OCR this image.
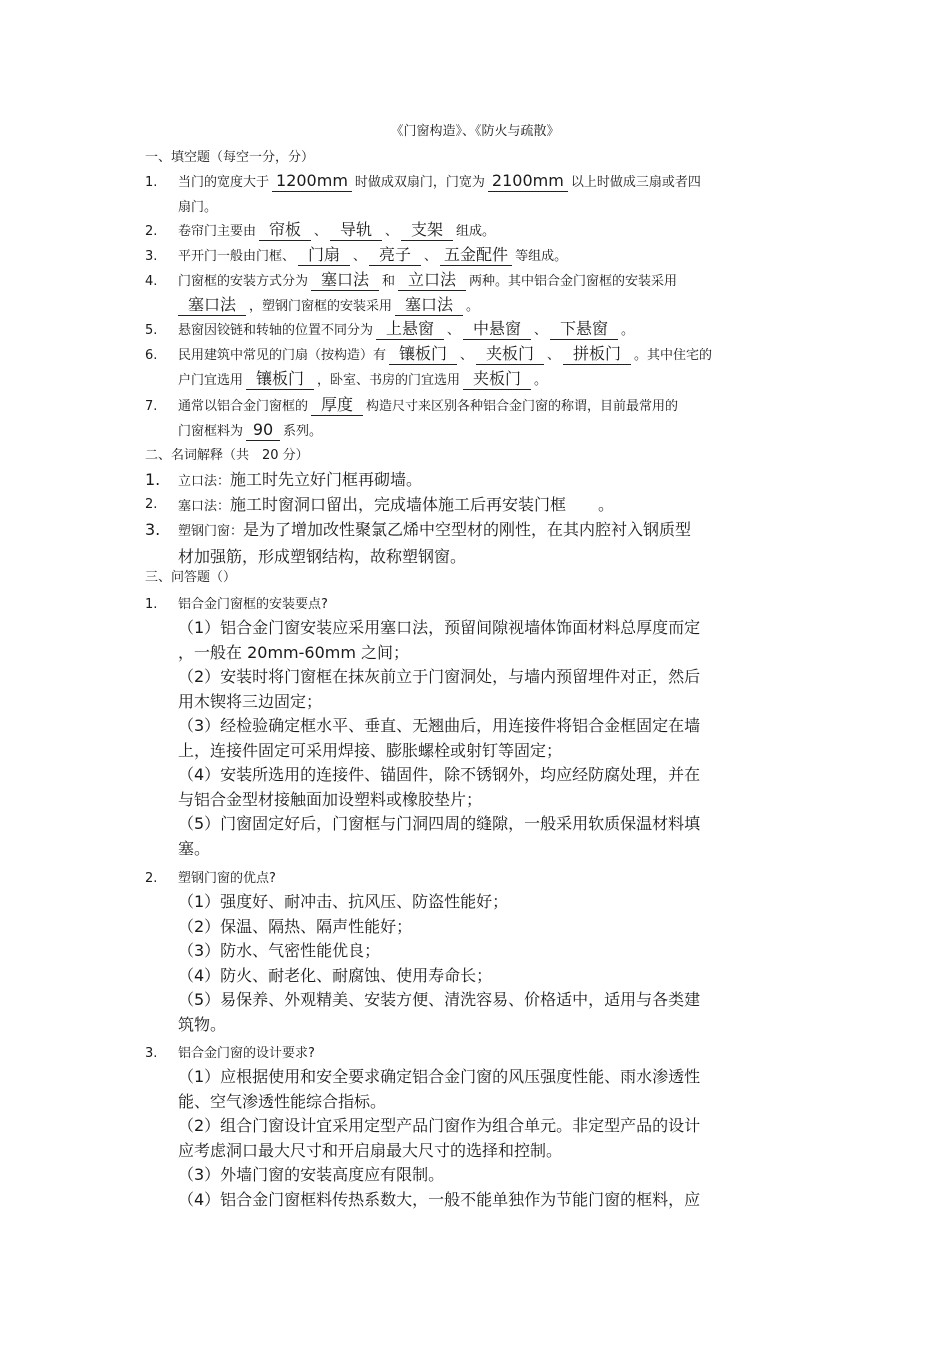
《门窗构造》、《防火与疏散》
一、填空题（每空一分，分）
1.	当门的宽度大于 1200mm 时做成双扇门，门宽为 2100mm 以上时做成三扇或者四
扇门。
2.	卷帘门主要由 帘板 、 导轨 、 支架 组成。
3.	平开门一般由门框、 门扇 、 亮子 、 五金配件 等组成。
4.	门窗框的安装方式分为 塞口法 和 立口法 两种。其中铝合金门窗框的安装采用
塞口法 ，塑钢门窗框的安装采用 塞口法 。
5.	悬窗因铰链和转轴的位置不同分为 上悬窗 、 中悬窗 、 下悬窗 。
6.	民用建筑中常见的门扇（按构造）有 镶板门 、 夹板门 、 拼板门 。其中住宅的
户门宜选用 镶板门 ，卧室、书房的门宜选用 夹板门 。
7.	通常以铝合金门窗框的 厚度 构造尺寸来区别各种铝合金门窗的称谓，目前最常用的
门窗框料为 90 系列。
二、名词解释（共　20 分）
1.	立口法：施工时先立好门框再砌墙。
2.	塞口法：施工时窗洞口留出，完成墙体施工后再安装门框　　。
3.	塑钢门窗：是为了增加改性聚氯乙烯中空型材的刚性，在其内腔衬入钢质型
材加强筋，形成塑钢结构，故称塑钢窗。
三、问答题（）
1.	铝合金门窗框的安装要点?
（1）铝合金门窗安装应采用塞口法，预留间隙视墙体饰面材料总厚度而定
，一般在 20mm-60mm 之间；
（2）安装时将门窗框在抹灰前立于门窗洞处，与墙内预留埋件对正，然后
用木锲将三边固定；
（3）经检验确定框水平、垂直、无翘曲后，用连接件将铝合金框固定在墙
上，连接件固定可采用焊接、膨胀螺栓或射钉等固定；
（4）安装所选用的连接件、锚固件，除不锈钢外，均应经防腐处理，并在
与铝合金型材接触面加设塑料或橡胶垫片；
（5）门窗固定好后，门窗框与门洞四周的缝隙，一般采用软质保温材料填
塞。
2.	塑钢门窗的优点?
（1）强度好、耐冲击、抗风压、防盗性能好；
（2）保温、隔热、隔声性能好；
（3）防水、气密性能优良；
（4）防火、耐老化、耐腐蚀、使用寿命长；
（5）易保养、外观精美、安装方便、清洗容易、价格适中，适用与各类建
筑物。
3.	铝合金门窗的设计要求?
（1）应根据使用和安全要求确定铝合金门窗的风压强度性能、雨水渗透性
能、空气渗透性能综合指标。
（2）组合门窗设计宜采用定型产品门窗作为组合单元。非定型产品的设计
应考虑洞口最大尺寸和开启扇最大尺寸的选择和控制。
（3）外墙门窗的安装高度应有限制。
（4）铝合金门窗框料传热系数大，一般不能单独作为节能门窗的框料，应
